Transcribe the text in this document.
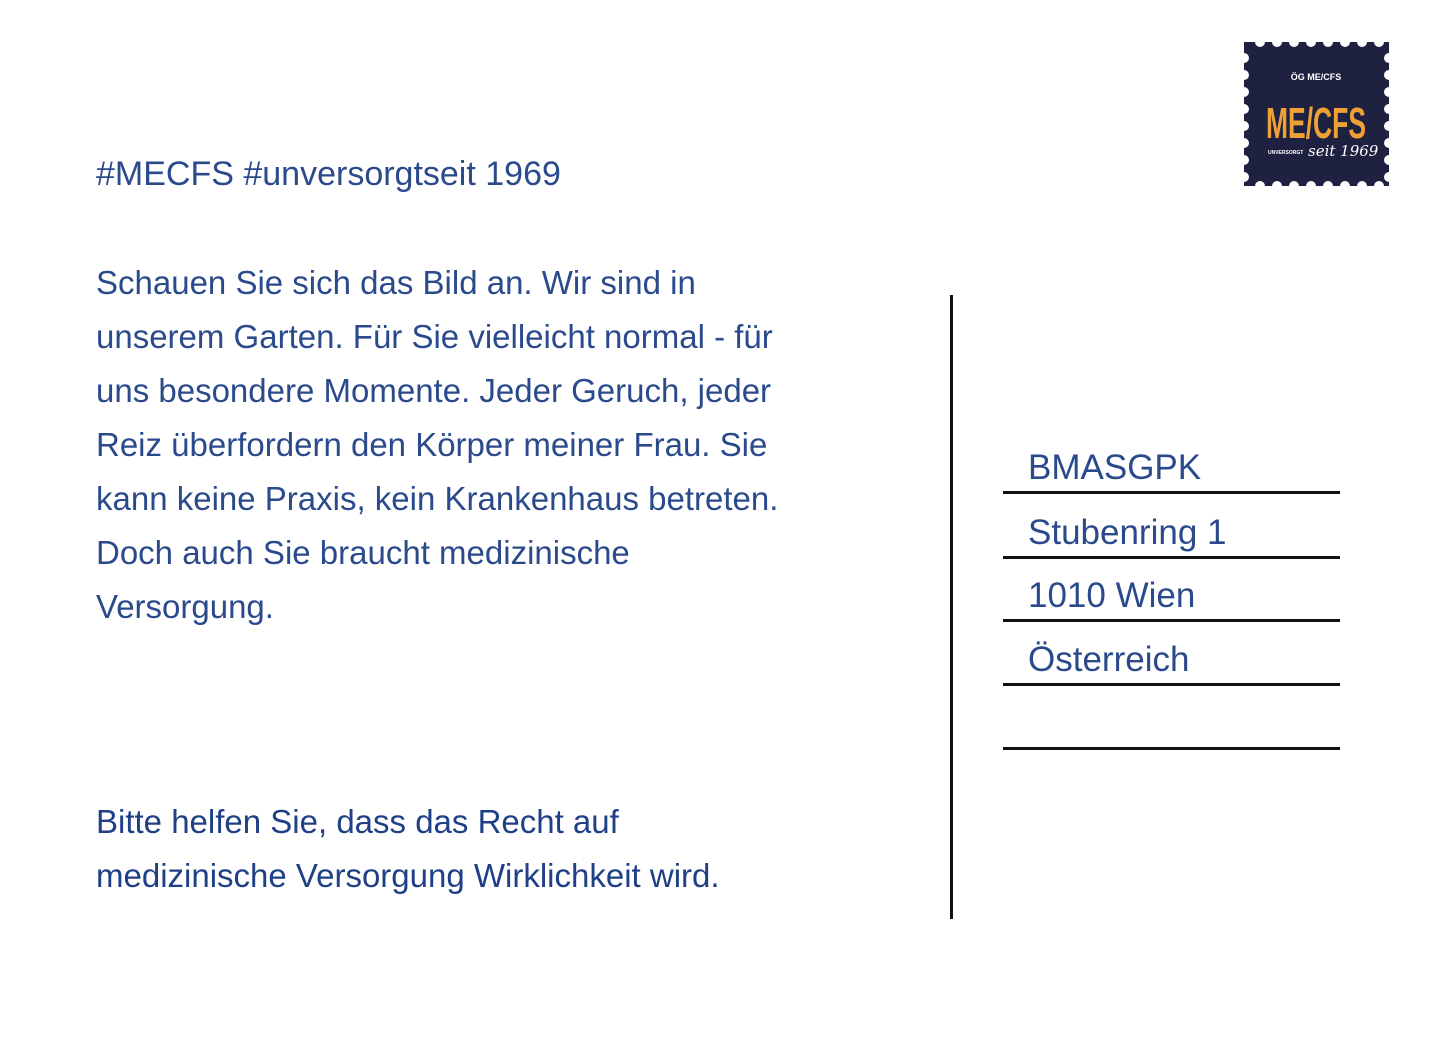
#MECFS #unversorgtseit 1969
Schauen Sie sich das Bild an. Wir sind in
unserem Garten. Für Sie vielleicht normal - für
uns besondere Momente. Jeder Geruch, jeder
Reiz überfordern den Körper meiner Frau. Sie
kann keine Praxis, kein Krankenhaus betreten.
Doch auch Sie braucht medizinische
Versorgung.
Bitte helfen Sie, dass das Recht auf
medizinische Versorgung Wirklichkeit wird.
BMASGPK
Stubenring 1
1010 Wien
Österreich
ÖG ME/CFS
ME/CFS
UNVERSORGT seit 1969
